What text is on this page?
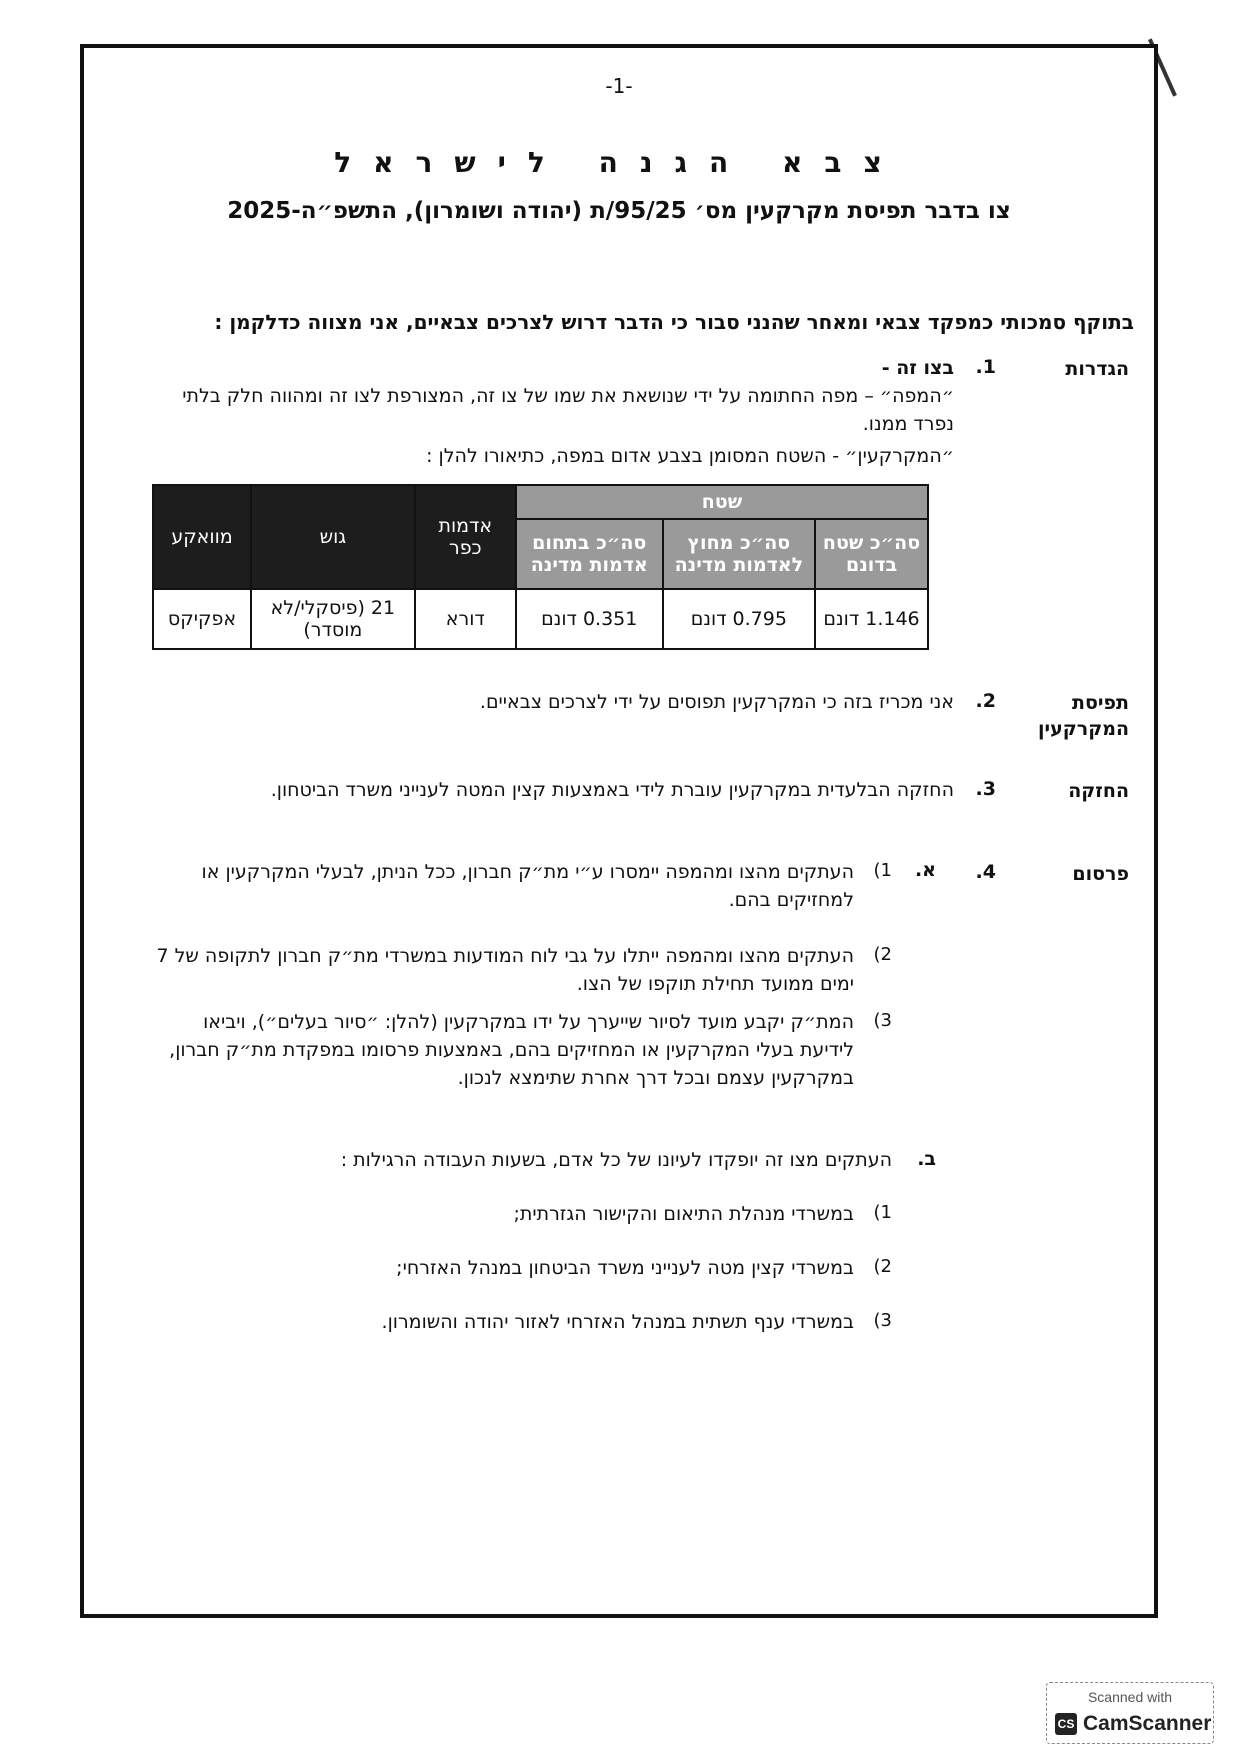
-1-
צבא הגנה לישראל
צו בדבר תפיסת מקרקעין מס׳ 95/25/ת (יהודה ושומרון), התשפ״ה-2025
בתוקף סמכותי כמפקד צבאי ומאחר שהנני סבור כי הדבר דרוש לצרכים צבאיים, אני מצווה כדלקמן :
הגדרות
1.
בצו זה -
״המפה״ – מפה החתומה על ידי שנושאת את שמו של צו זה, המצורפת לצו זה ומהווה חלק בלתי נפרד ממנו.
״המקרקעין״ - השטח המסומן בצבע אדום במפה, כתיאורו להלן :
שטח			אדמות כפר	גוש	מוואקע
סה״כ שטח בדונם	סה״כ מחוץ לאדמות מדינה	סה״כ בתחום אדמות מדינה			
1.146 דונם	0.795 דונם	0.351 דונם	דורא	21 (פיסקלי/לא מוסדר)	אפקיקס
תפיסת המקרקעין
2.
אני מכריז בזה כי המקרקעין תפוסים על ידי לצרכים צבאיים.
החזקה
3.
החזקה הבלעדית במקרקעין עוברת לידי באמצעות קצין המטה לענייני משרד הביטחון.
פרסום
4.
א.
1)
העתקים מהצו ומהמפה יימסרו ע״י מת״ק חברון, ככל הניתן, לבעלי המקרקעין או למחזיקים בהם.
2)
העתקים מהצו ומהמפה ייתלו על גבי לוח המודעות במשרדי מת״ק חברון לתקופה של 7 ימים ממועד תחילת תוקפו של הצו.
3)
המת״ק יקבע מועד לסיור שייערך על ידו במקרקעין (להלן: ״סיור בעלים״), ויביאו לידיעת בעלי המקרקעין או המחזיקים בהם, באמצעות פרסומו במפקדת מת״ק חברון, במקרקעין עצמם ובכל דרך אחרת שתימצא לנכון.
ב.
העתקים מצו זה יופקדו לעיונו של כל אדם, בשעות העבודה הרגילות :
1)
במשרדי מנהלת התיאום והקישור הגזרתית;
2)
במשרדי קצין מטה לענייני משרד הביטחון במנהל האזרחי;
3)
במשרדי ענף תשתית במנהל האזרחי לאזור יהודה והשומרון.
Scanned with
CS CamScanner
